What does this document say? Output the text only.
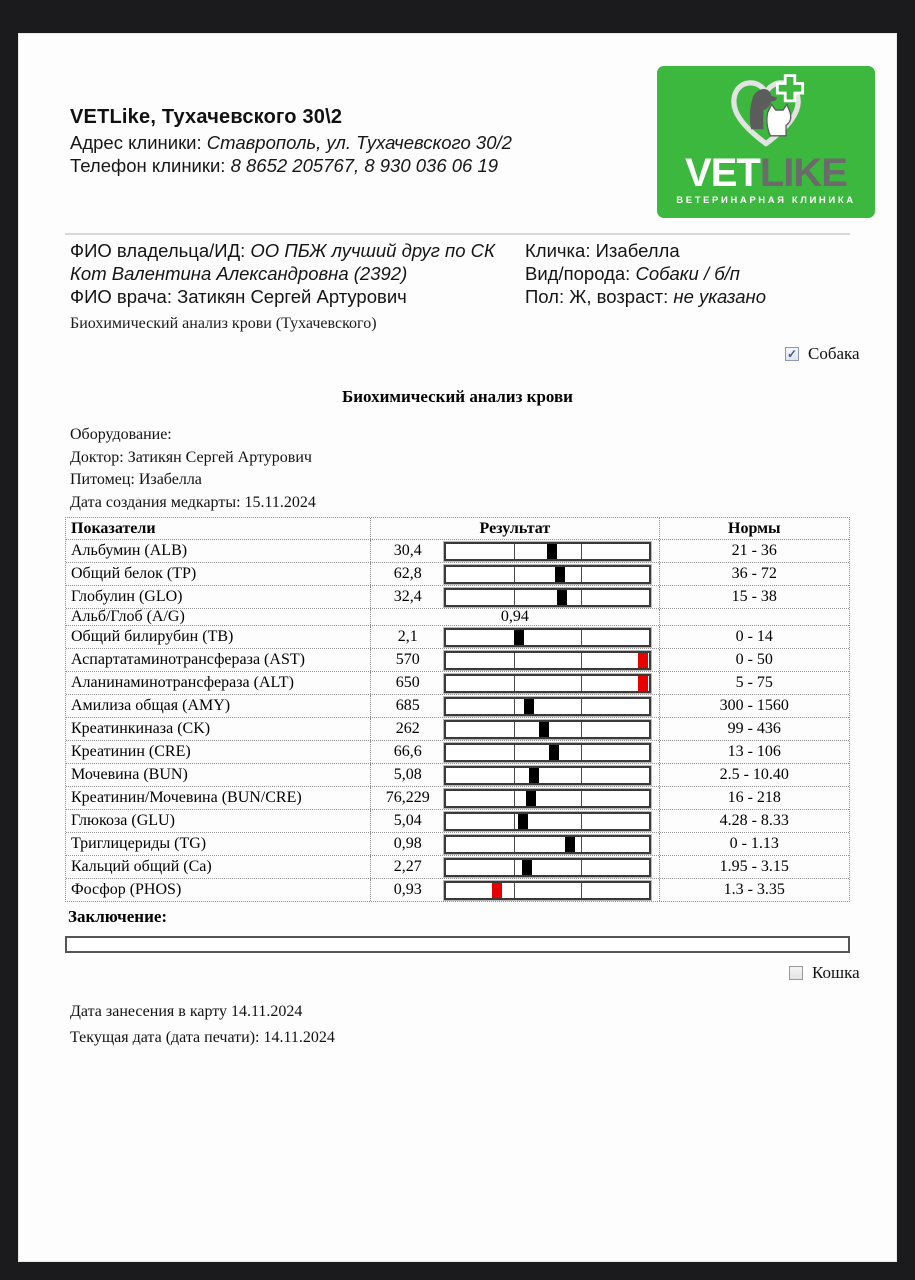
VETLike, Тухачевского 30\2
Адрес клиники: Ставрополь, ул. Тухачевского 30/2
Телефон клиники: 8 8652 205767, 8 930 036 06 19	VETLIKE
ВЕТЕРИНАРНАЯ КЛИНИКА
ФИО владельца/ИД: ОО ПБЖ лучший друг по СК Кот Валентина Александровна (2392)
ФИО врача: Затикян Сергей Артурович
Кличка: Изабелла
Вид/порода: Собаки / б/п
Пол: Ж, возраст: не указано
Биохимический анализ крови (Тухачевского)
✓ Собака
Биохимический анализ крови
Оборудование:
Доктор: Затикян Сергей Артурович
Питомец: Изабелла
Дата создания медкарты: 15.11.2024
Показатели	Результат	Нормы
Альбумин (ALB)	30,4	21 - 36
Общий белок (TP)	62,8	36 - 72
Глобулин (GLO)	32,4	15 - 38
Альб/Глоб (A/G)	0,94
Общий билирубин (TB)	2,1	0 - 14
Аспартатаминотрансфераза (AST)	570	0 - 50
Аланинаминотрансфераза (ALT)	650	5 - 75
Амилиза общая (AMY)	685	300 - 1560
Креатинкиназа (CK)	262	99 - 436
Креатинин (CRE)	66,6	13 - 106
Мочевина (BUN)	5,08	2.5 - 10.40
Креатинин/Мочевина (BUN/CRE)	76,229	16 - 218
Глюкоза (GLU)	5,04	4.28 - 8.33
Триглицериды (TG)	0,98	0 - 1.13
Кальций общий (Ca)	2,27	1.95 - 3.15
Фосфор (PHOS)	0,93	1.3 - 3.35
Заключение:
Кошка
Дата занесения в карту 14.11.2024
Текущая дата (дата печати): 14.11.2024
